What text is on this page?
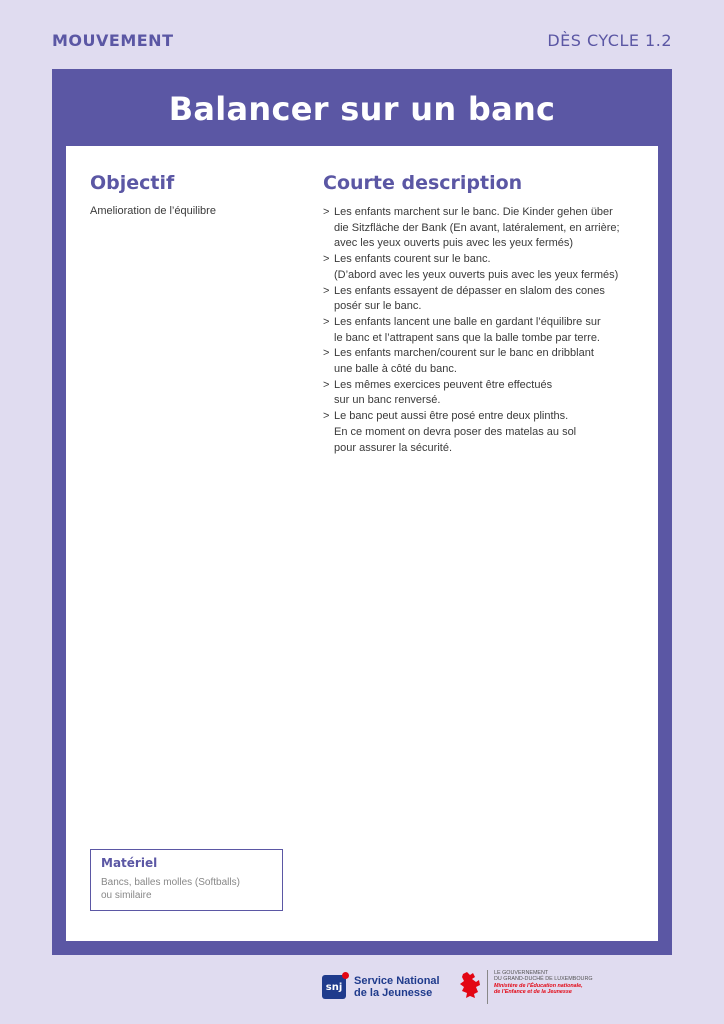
MOUVEMENT	DÈS CYCLE 1.2
Balancer sur un banc
Objectif
Amelioration de l’équilibre
Courte description
> Les enfants marchent sur le banc. Die Kinder gehen über
die Sitzfläche der Bank (En avant, latéralement, en arrière;
avec les yeux ouverts puis avec les yeux fermés)
> Les enfants courent sur le banc.
(D’abord avec les yeux ouverts puis avec les yeux fermés)
> Les enfants essayent de dépasser en slalom des cones
posér sur le banc.
> Les enfants lancent une balle en gardant l’équilibre sur
le banc et l’attrapent sans que la balle tombe par terre.
> Les enfants marchen/courent sur le banc en dribblant
une balle à côté du banc.
> Les mêmes exercices peuvent être effectués
sur un banc renversé.
> Le banc peut aussi être posé entre deux plinths.
En ce moment on devra poser des matelas au sol
pour assurer la sécurité.
Matériel
Bancs, balles molles (Softballs)
ou similaire
snj Service National
de la Jeunesse
LE GOUVERNEMENT
DU GRAND-DUCHÉ DE LUXEMBOURG
Ministère de l’Éducation nationale,
de l’Enfance et de la Jeunesse
